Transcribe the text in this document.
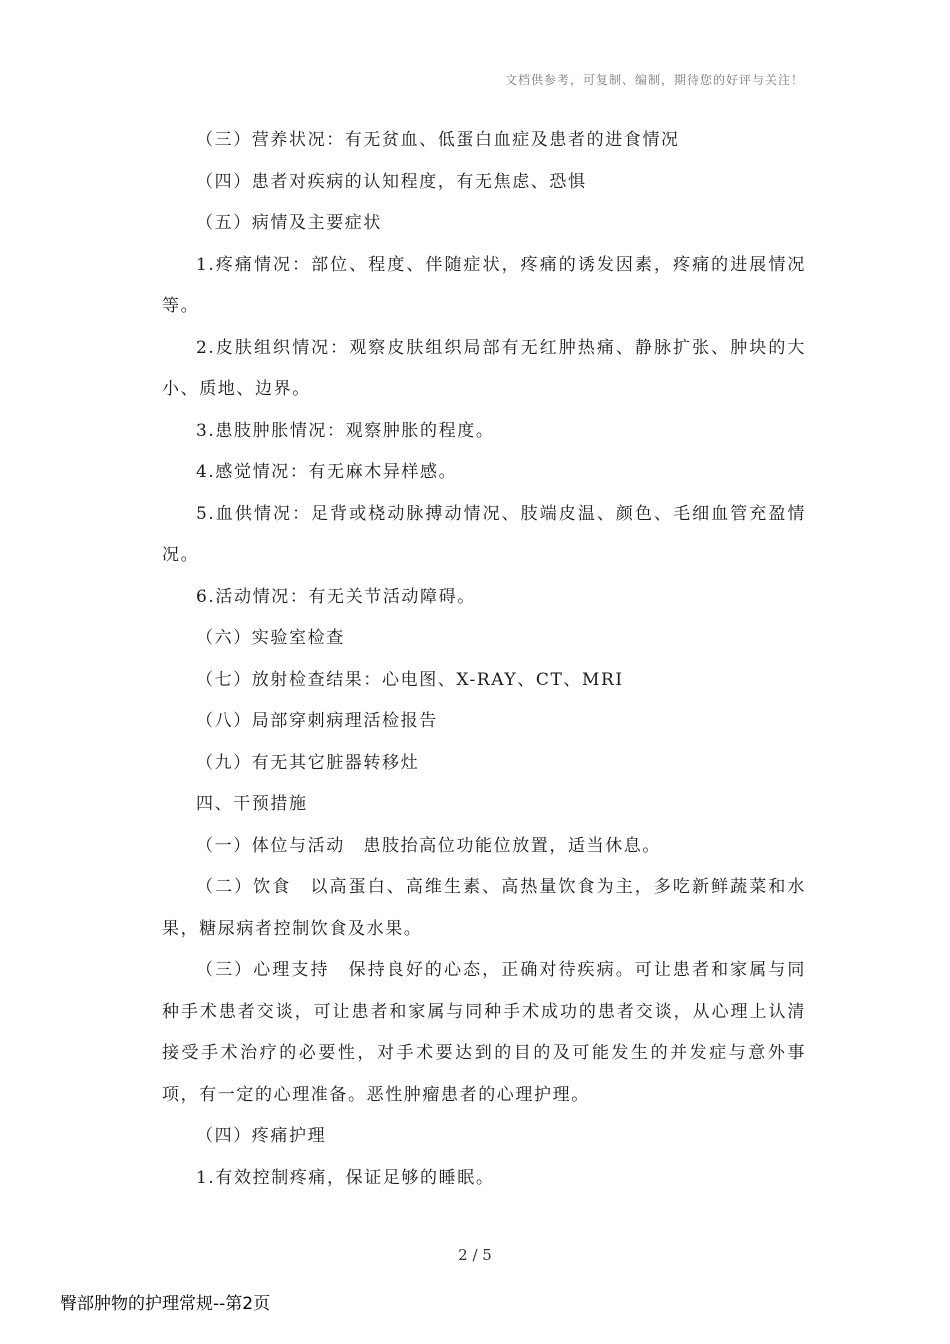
文档供参考，可复制、编制，期待您的好评与关注！

（三）营养状况：有无贫血、低蛋白血症及患者的进食情况

（四）患者对疾病的认知程度，有无焦虑、恐惧

（五）病情及主要症状

1.疼痛情况：部位、程度、伴随症状，疼痛的诱发因素，疼痛的进展情况等。

2.皮肤组织情况：观察皮肤组织局部有无红肿热痛、静脉扩张、肿块的大小、质地、边界。

3.患肢肿胀情况：观察肿胀的程度。

4.感觉情况：有无麻木异样感。

5.血供情况：足背或桡动脉搏动情况、肢端皮温、颜色、毛细血管充盈情况。

6.活动情况：有无关节活动障碍。

（六）实验室检查

（七）放射检查结果：心电图、X-RAY、CT、MRI

（八）局部穿刺病理活检报告

（九）有无其它脏器转移灶

四、干预措施

（一）体位与活动　患肢抬高位功能位放置，适当休息。

（二）饮食　以高蛋白、高维生素、高热量饮食为主，多吃新鲜蔬菜和水果，糖尿病者控制饮食及水果。

（三）心理支持　保持良好的心态，正确对待疾病。可让患者和家属与同种手术患者交谈，可让患者和家属与同种手术成功的患者交谈，从心理上认清接受手术治疗的必要性，对手术要达到的目的及可能发生的并发症与意外事项，有一定的心理准备。恶性肿瘤患者的心理护理。

（四）疼痛护理

1.有效控制疼痛，保证足够的睡眠。

2 / 5
臀部肿物的护理常规--第2页
